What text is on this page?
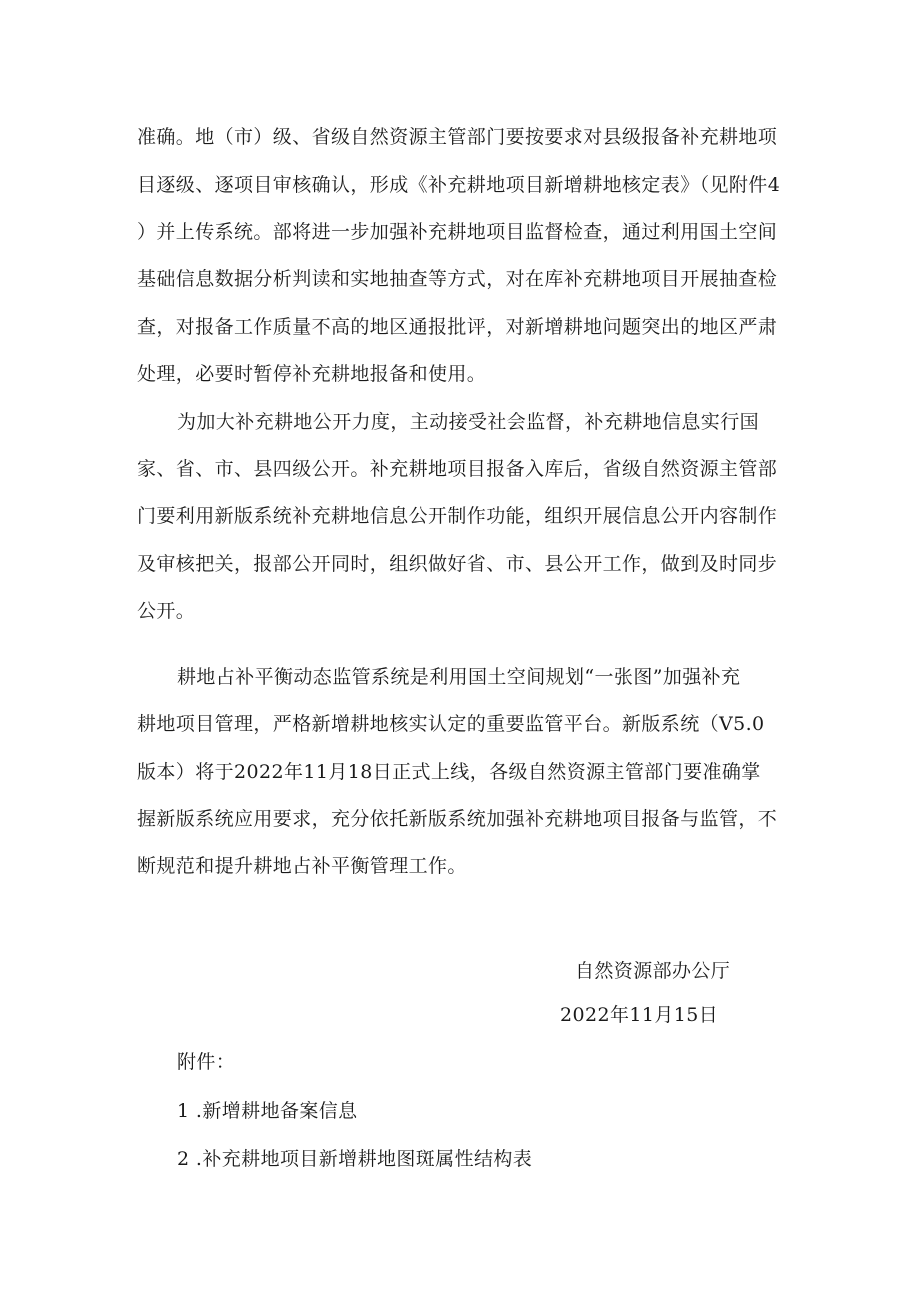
准确。地（市）级、省级自然资源主管部门要按要求对县级报备补充耕地项
目逐级、逐项目审核确认，形成《补充耕地项目新增耕地核定表》（见附件4
）并上传系统。部将进一步加强补充耕地项目监督检查，通过利用国土空间
基础信息数据分析判读和实地抽查等方式，对在库补充耕地项目开展抽查检
查，对报备工作质量不高的地区通报批评，对新增耕地问题突出的地区严肃
处理，必要时暂停补充耕地报备和使用。
为加大补充耕地公开力度，主动接受社会监督，补充耕地信息实行国
家、省、市、县四级公开。补充耕地项目报备入库后，省级自然资源主管部
门要利用新版系统补充耕地信息公开制作功能，组织开展信息公开内容制作
及审核把关，报部公开同时，组织做好省、市、县公开工作，做到及时同步
公开。
耕地占补平衡动态监管系统是利用国土空间规划“一张图”加强补充
耕地项目管理，严格新增耕地核实认定的重要监管平台。新版系统（V5.0
版本）将于2022年11月18日正式上线，各级自然资源主管部门要准确掌
握新版系统应用要求，充分依托新版系统加强补充耕地项目报备与监管，不
断规范和提升耕地占补平衡管理工作。
自然资源部办公厅
2022年11月15日
附件：
1 .新增耕地备案信息
2 .补充耕地项目新增耕地图斑属性结构表
